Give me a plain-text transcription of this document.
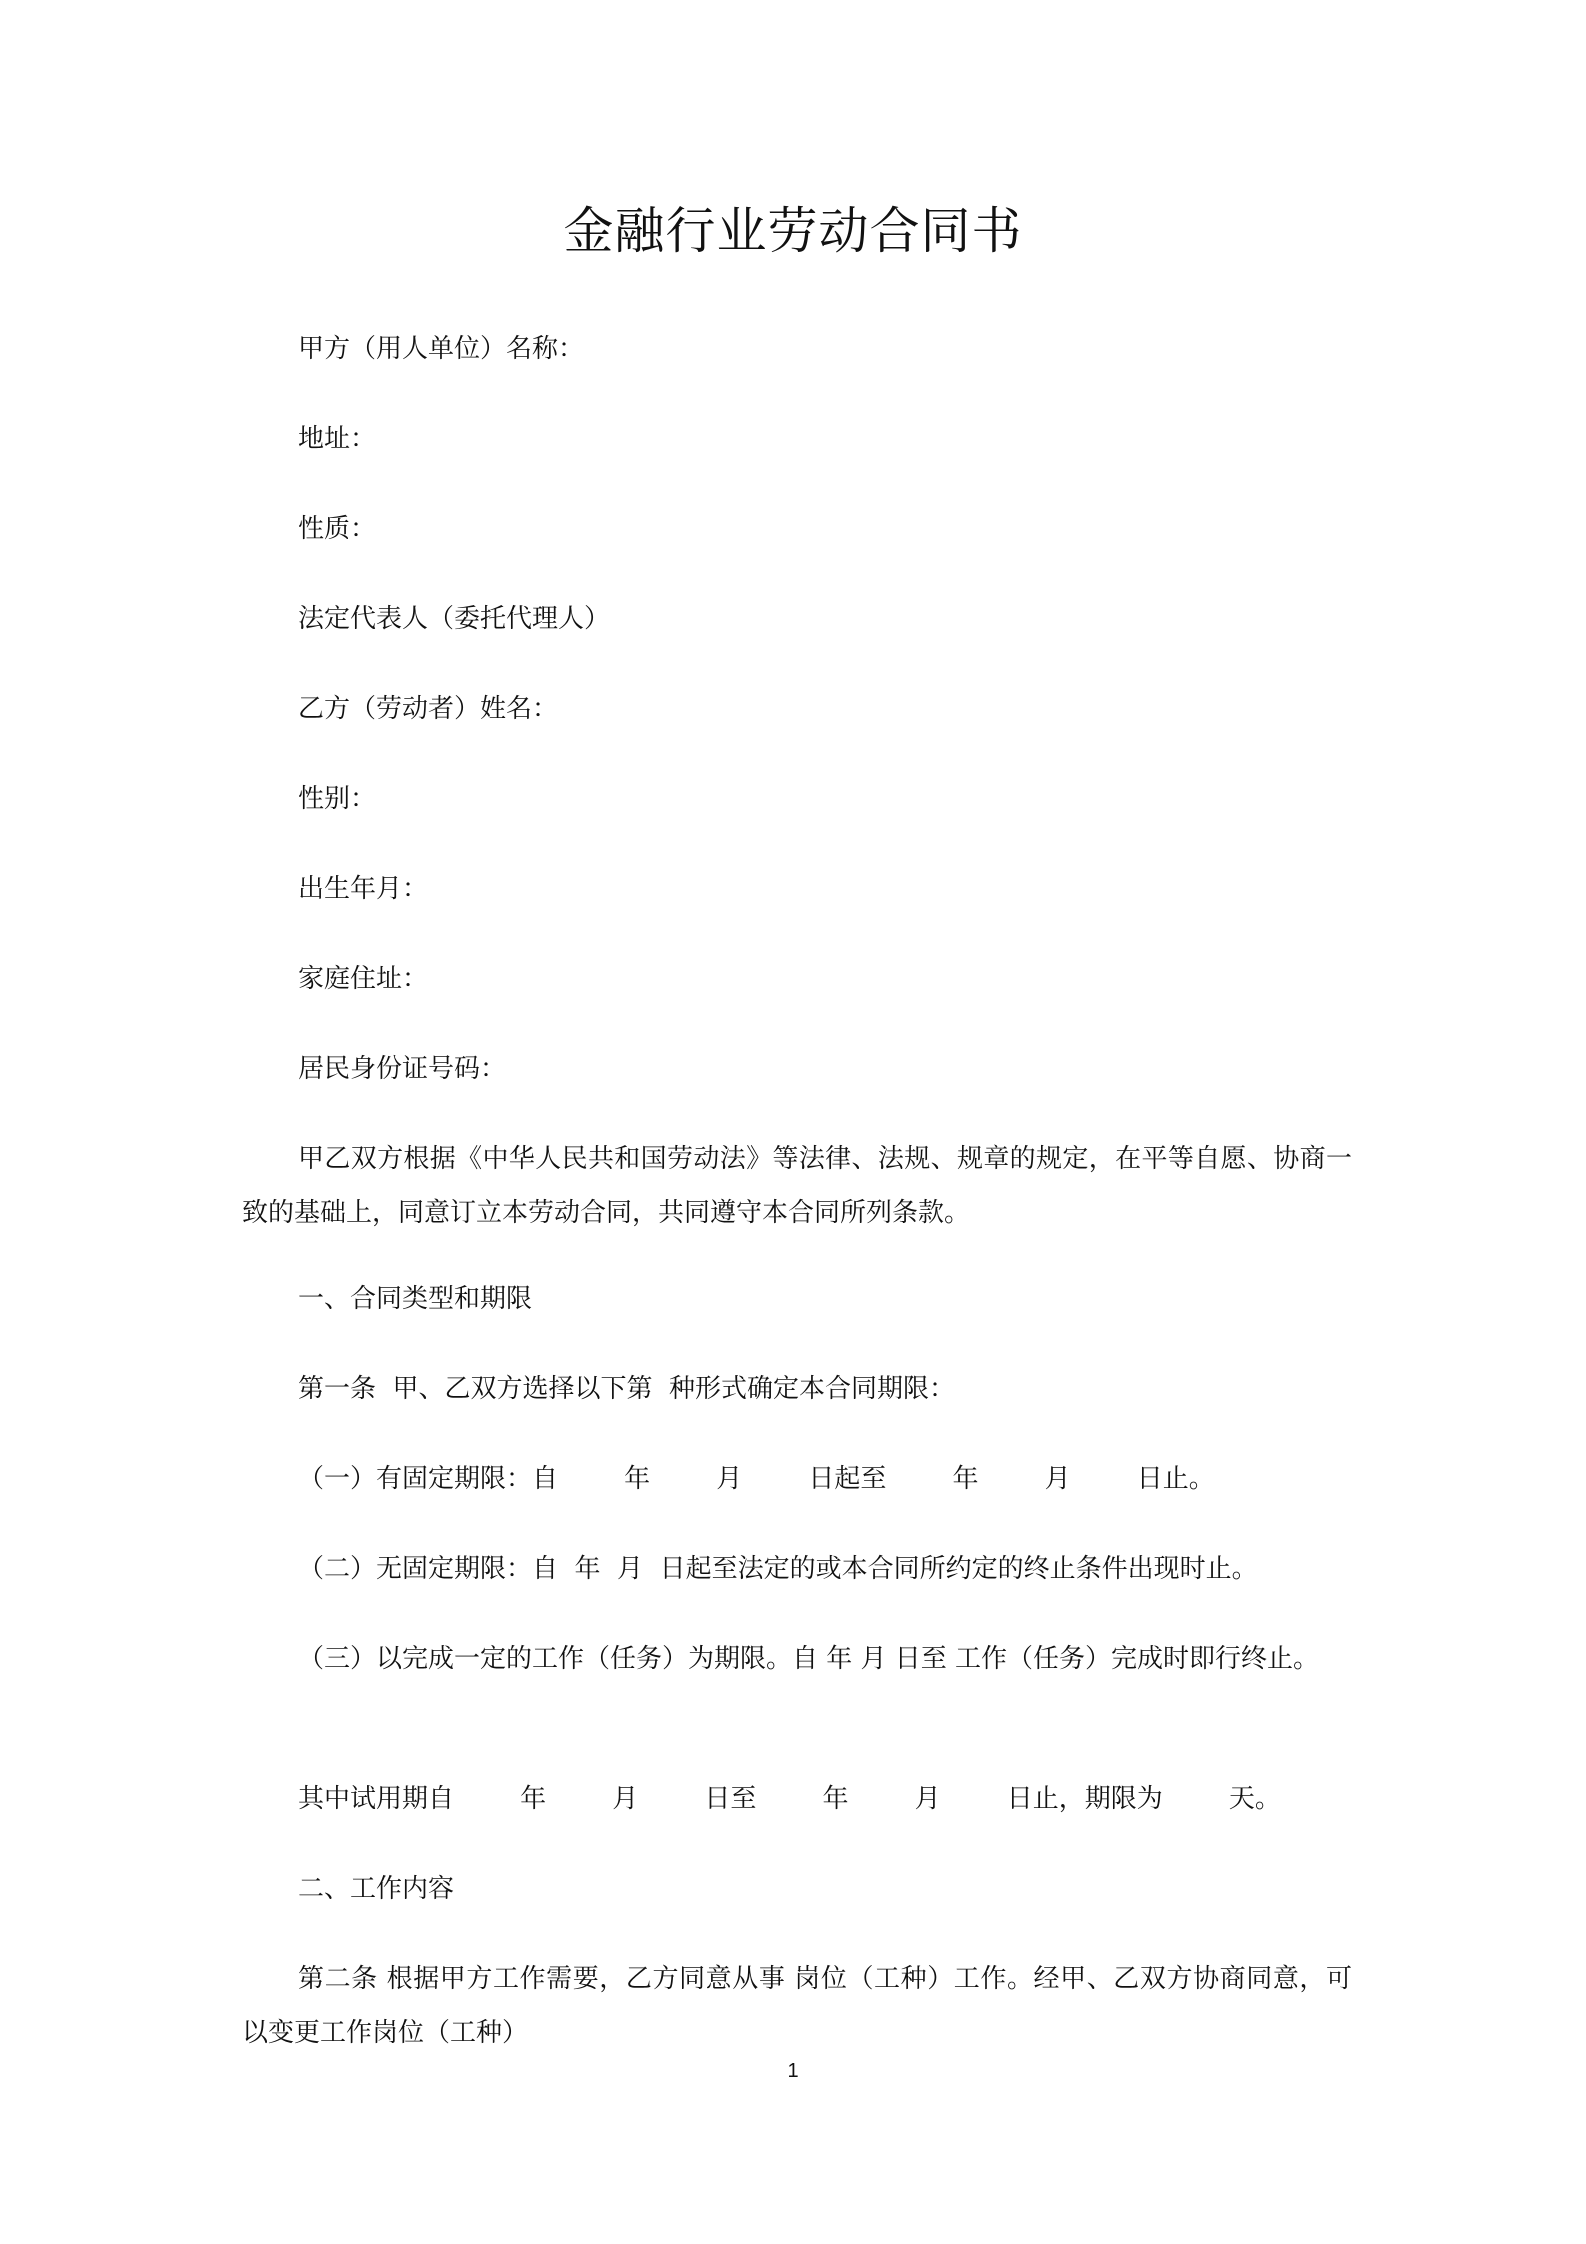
金融行业劳动合同书
甲方（用人单位）名称：
地址：
性质：
法定代表人（委托代理人）
乙方（劳动者）姓名：
性别：
出生年月：
家庭住址：
居民身份证号码：
甲乙双方根据《中华人民共和国劳动法》等法律、法规、规章的规定，在平等自愿、协商一致的基础上，同意订立本劳动合同，共同遵守本合同所列条款。
一、合同类型和期限
第一条  甲、乙双方选择以下第  种形式确定本合同期限：
（一）有固定期限：自        年        月        日起至        年        月        日止。
（二）无固定期限：自  年  月  日起至法定的或本合同所约定的终止条件出现时止。
（三）以完成一定的工作（任务）为期限。自 年 月 日至 工作（任务）完成时即行终止。
其中试用期自        年        月        日至        年        月        日止，期限为        天。
二、工作内容
第二条 根据甲方工作需要，乙方同意从事 岗位（工种）工作。经甲、乙双方协商同意，可以变更工作岗位（工种）
1
